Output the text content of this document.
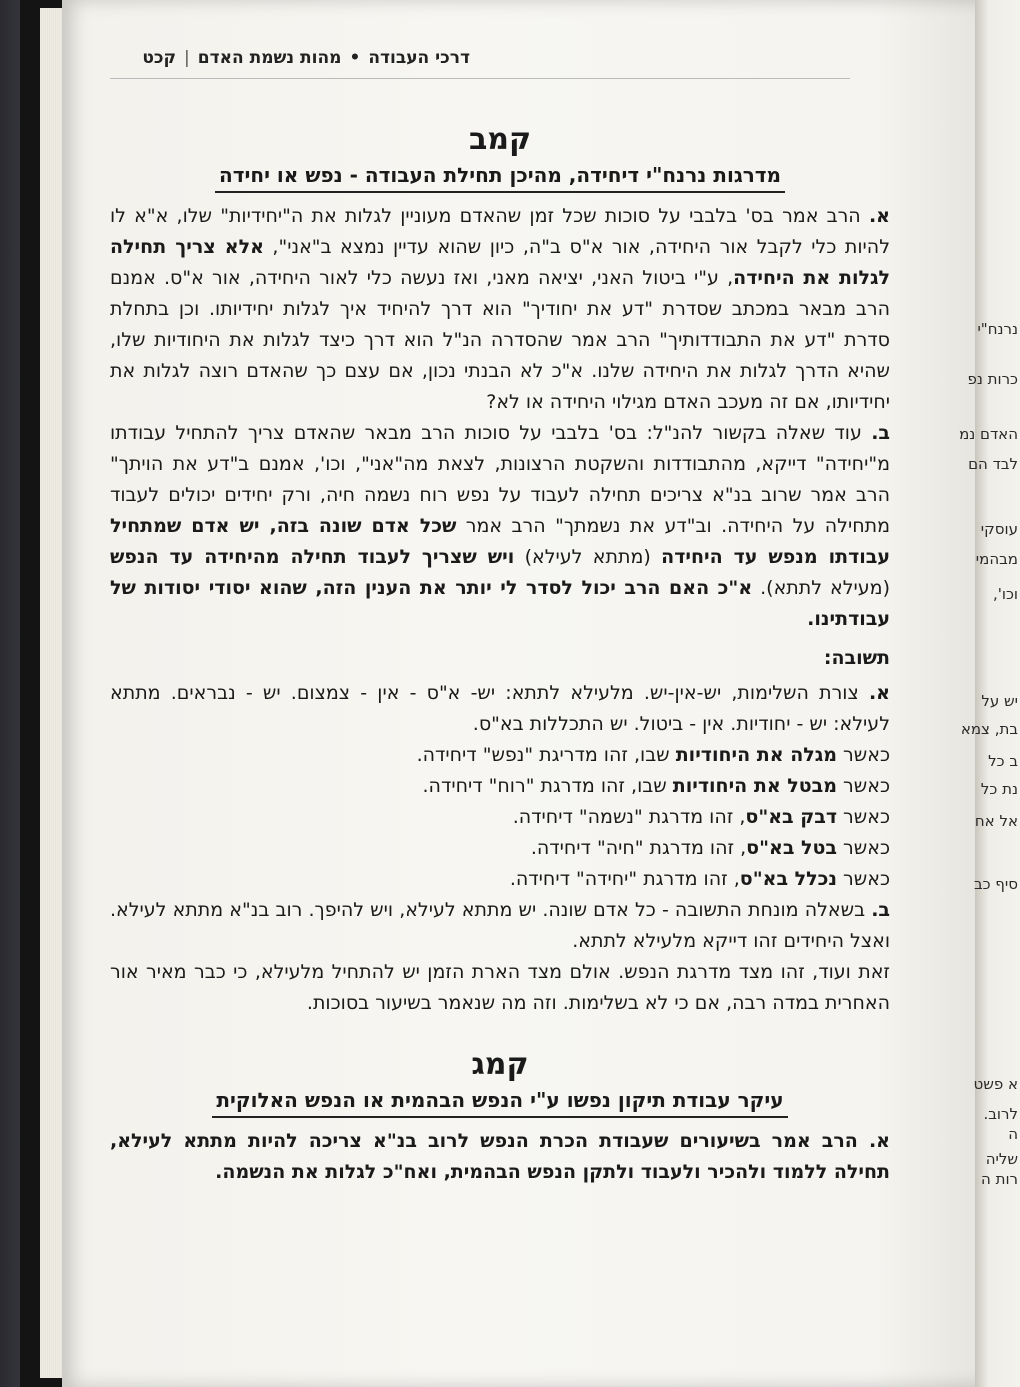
נרנח"י
כרות נפ
האדם נמ
לבד הם
עוסקי
מבהמי
וכו',
יש על
בת, צמא
ב כל
נת כל
אל אח
סיף כב
א פשט
לרוב.
ה
שליה
רות ה
דרכי העבודה
•
מהות נשמת האדם
|
קכט
קמב
מדרגות נרנח"י דיחידה, מהיכן תחילת העבודה - נפש או יחידה

א. הרב אמר בס' בלבבי על סוכות שכל זמן שהאדם מעוניין לגלות את ה"יחידיות" שלו, א"א לו להיות כלי לקבל אור היחידה, אור א"ס ב"ה, כיון שהוא עדיין נמצא ב"אני", אלא צריך תחילה לגלות את היחידה, ע"י ביטול האני, יציאה מאני, ואז נעשה כלי לאור היחידה, אור א"ס. אמנם הרב מבאר במכתב שסדרת "דע את יחודיך" הוא דרך להיחיד איך לגלות יחידיותו. וכן בתחלת סדרת "דע את התבודדותיך" הרב אמר שהסדרה הנ"ל הוא דרך כיצד לגלות את היחודיות שלו, שהיא הדרך לגלות את היחידה שלנו. א"כ לא הבנתי נכון, אם עצם כך שהאדם רוצה לגלות את יחידיותו, אם זה מעכב האדם מגילוי היחידה או לא?

ב. עוד שאלה בקשור להנ"ל: בס' בלבבי על סוכות הרב מבאר שהאדם צריך להתחיל עבודתו מ"יחידה" דייקא, מהתבודדות והשקטת הרצונות, לצאת מה"אני", וכו', אמנם ב"דע את הויתך" הרב אמר שרוב בנ"א צריכים תחילה לעבוד על נפש רוח נשמה חיה, ורק יחידים יכולים לעבוד מתחילה על היחידה. וב"דע את נשמתך" הרב אמר שכל אדם שונה בזה, יש אדם שמתחיל עבודתו מנפש עד היחידה (מתתא לעילא) ויש שצריך לעבוד תחילה מהיחידה עד הנפש (מעילא לתתא). א"כ האם הרב יכול לסדר לי יותר את הענין הזה, שהוא יסודי יסודות של עבודתינו.

תשובה:

א. צורת השלימות, יש-אין-יש. מלעילא לתתא: יש- א"ס - אין - צמצום. יש - נבראים. מתתא לעילא: יש - יחודיות. אין - ביטול. יש התכללות בא"ס.

כאשר מגלה את היחודיות שבו, זהו מדריגת "נפש" דיחידה.

כאשר מבטל את היחודיות שבו, זהו מדרגת "רוח" דיחידה.

כאשר דבק בא"ס, זהו מדרגת "נשמה" דיחידה.

כאשר בטל בא"ס, זהו מדרגת "חיה" דיחידה.

כאשר נכלל בא"ס, זהו מדרגת "יחידה" דיחידה.

ב. בשאלה מונחת התשובה - כל אדם שונה. יש מתתא לעילא, ויש להיפך. רוב בנ"א מתתא לעילא. ואצל היחידים זהו דייקא מלעילא לתתא.

זאת ועוד, זהו מצד מדרגת הנפש. אולם מצד הארת הזמן יש להתחיל מלעילא, כי כבר מאיר אור האחרית במדה רבה, אם כי לא בשלימות. וזה מה שנאמר בשיעור בסוכות.

קמג
עיקר עבודת תיקון נפשו ע"י הנפש הבהמית או הנפש האלוקית

א. הרב אמר בשיעורים שעבודת הכרת הנפש לרוב בנ"א צריכה להיות מתתא לעילא, תחילה ללמוד ולהכיר ולעבוד ולתקן הנפש הבהמית, ואח"כ לגלות את הנשמה.
